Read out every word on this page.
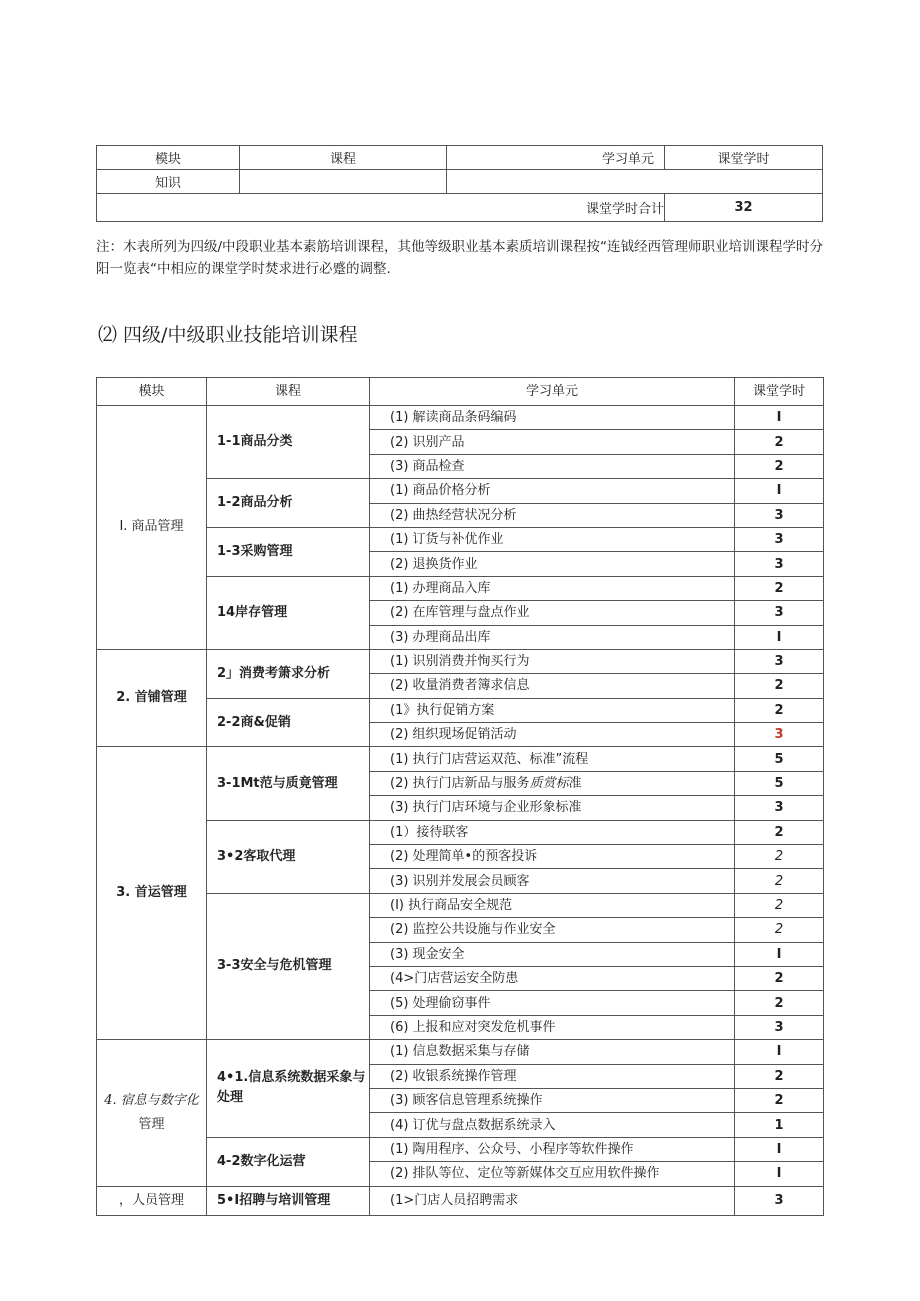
模块	课程	学习单元	课堂学时
知识			
课堂学时合计			32
注：木表所列为四级/中段职业基本素筋培训课程，其他等级职业基本素质培训课程按“连钺经西管理师职业培训课程学时分阳一览表“中相应的课堂学时焚求进行必蹙的调整.
⑵ 四级/中级职业技能培训课程
模块	课程	学习单元	课堂学时
I. 商品管理	1-1商品分类	(1) 解读商品条码编码	I
		(2) 识别产品	2
		(3) 商品检查	2
	1-2商品分析	(1) 商品价格分析	I
		(2) 曲热经营状况分析	3
	1-3采购管理	(1) 订货与补优作业	3
		(2) 退换货作业	3
	14岸存管理	(1) 办理商品入库	2
		(2) 在库管理与盘点作业	3
		(3) 办理商品出库	I
2. 首铺管理	2」消费考箫求分析	(1) 识别消费并恂买行为	3
		(2) 收量消费者簿求信息	2
	2-2商&促销	(1》执行促销方案	2
		(2) 组织现场促销活动	3
3. 首运管理	3-1Mt范与质竟管理	(1) 执行门店营运双范、标准”流程	5
		(2) 执行门店新品与服务质赏标准	5
		(3) 执行门店环境与企业形象标准	3
	3•2客取代理	(1）接待联客	2
		(2) 处理简单•的预客投诉	2
		(3) 识别并发展会员顾客	2
	3-3安全与危机管理	(I) 执行商品安全规范	2
		(2) 监控公共设施与作业安全	2
		(3) 现金安全	I
		(4>门店营运安全防患	2
		(5) 处理偷窃事件	2
		(6) 上报和应对突发危机事件	3
4. 宿息与数字化
管理	4•1.信息系统数据采象与处理	(1) 信息数据采集与存储	I
		(2) 收银系统操作管理	2
		(3) 顾客信息管理系统操作	2
		(4) 订优与盘点数据系统录入	1
	4-2数字化运营	(1) 陶用程序、公众号、小程序等软件操作	I
		(2) 排队等位、定位等新媒体交互应用软件操作	I
，人员管理	5•I招聘与培训管理	(1>门店人员招聘需求	3
